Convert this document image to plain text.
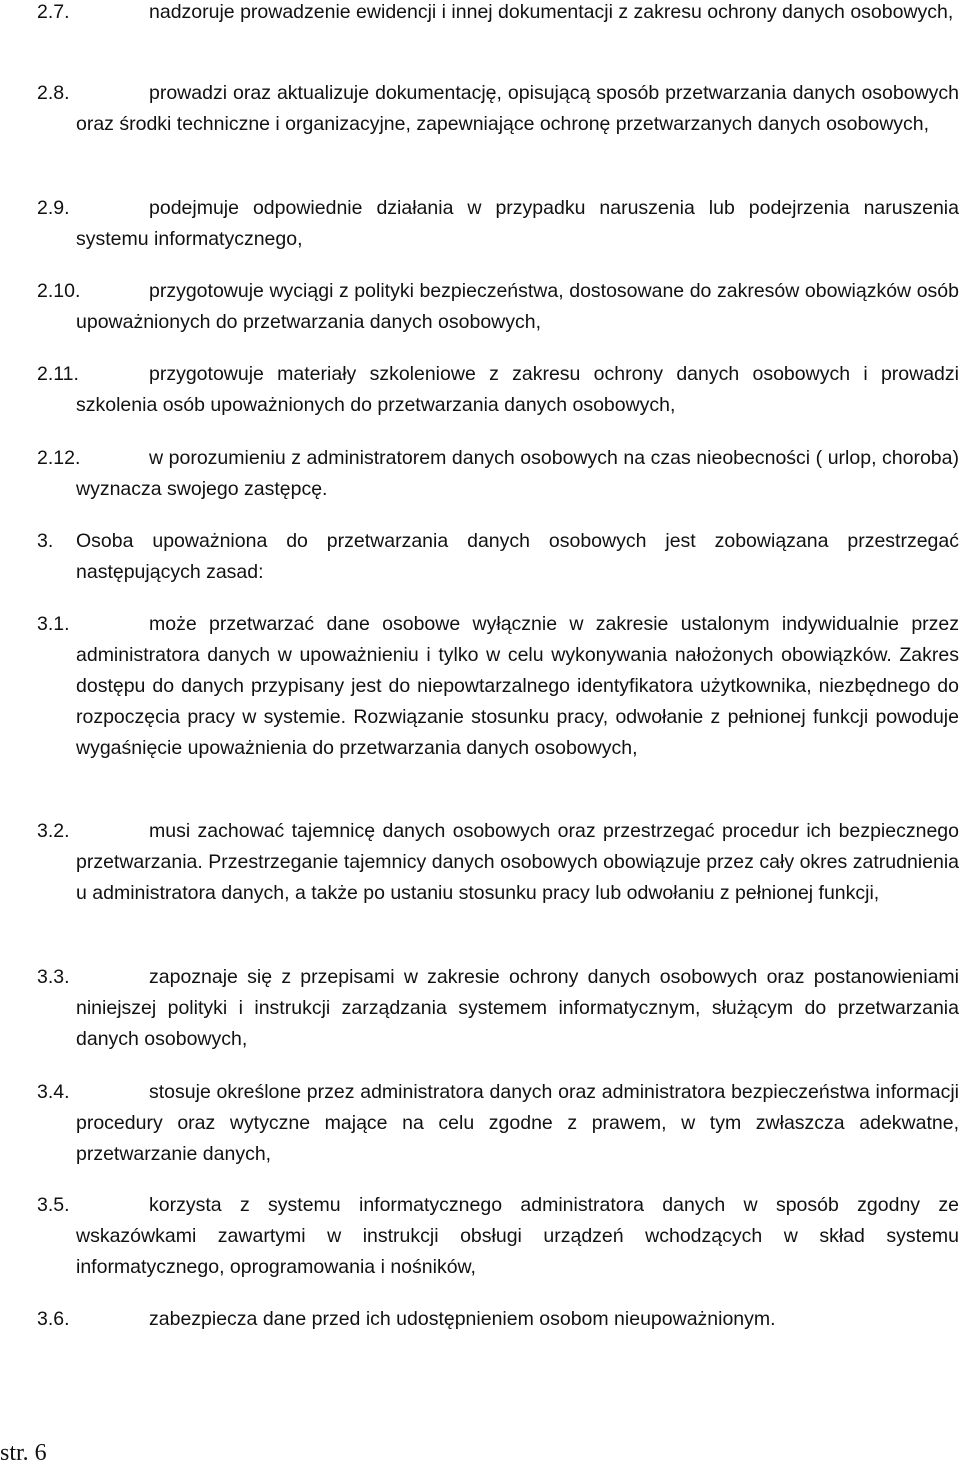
2.7.	nadzoruje prowadzenie ewidencji i innej dokumentacji z zakresu ochrony danych osobowych,
2.8.	prowadzi oraz aktualizuje dokumentację, opisującą sposób przetwarzania danych osobowych oraz środki techniczne i organizacyjne, zapewniające ochronę przetwarzanych danych osobowych,
2.9.	podejmuje odpowiednie działania w przypadku naruszenia lub podejrzenia naruszenia systemu informatycznego,
2.10.	przygotowuje wyciągi z polityki bezpieczeństwa, dostosowane do zakresów obowiązków osób upoważnionych do przetwarzania danych osobowych,
2.11.	przygotowuje materiały szkoleniowe z zakresu ochrony danych osobowych i prowadzi szkolenia osób upoważnionych do przetwarzania danych osobowych,
2.12.	w porozumieniu z administratorem danych osobowych na czas nieobecności ( urlop, choroba) wyznacza swojego zastępcę.
3.	Osoba upoważniona do przetwarzania danych osobowych jest zobowiązana przestrzegać następujących zasad:
3.1.	może przetwarzać dane osobowe wyłącznie w zakresie ustalonym indywidualnie przez administratora danych w upoważnieniu i tylko w celu wykonywania nałożonych obowiązków. Zakres dostępu do danych przypisany jest do niepowtarzalnego identyfikatora użytkownika, niezbędnego do rozpoczęcia pracy w systemie. Rozwiązanie stosunku pracy, odwołanie z pełnionej funkcji powoduje wygaśnięcie upoważnienia do przetwarzania danych osobowych,
3.2.	musi zachować tajemnicę danych osobowych oraz przestrzegać procedur ich bezpiecznego przetwarzania. Przestrzeganie tajemnicy danych osobowych obowiązuje przez cały okres zatrudnienia u administratora danych, a także po ustaniu stosunku pracy lub odwołaniu z pełnionej funkcji,
3.3.	zapoznaje się z przepisami w zakresie ochrony danych osobowych oraz postanowieniami niniejszej polityki i instrukcji zarządzania systemem informatycznym, służącym do przetwarzania danych osobowych,
3.4.	stosuje określone przez administratora danych oraz administratora bezpieczeństwa informacji procedury oraz wytyczne mające na celu zgodne z prawem, w tym zwłaszcza adekwatne, przetwarzanie danych,
3.5.	korzysta z systemu informatycznego administratora danych w sposób zgodny ze wskazówkami zawartymi w instrukcji obsługi urządzeń wchodzących w skład systemu informatycznego, oprogramowania i nośników,
3.6.	zabezpiecza dane przed ich udostępnieniem osobom nieupoważnionym.
str. 6
